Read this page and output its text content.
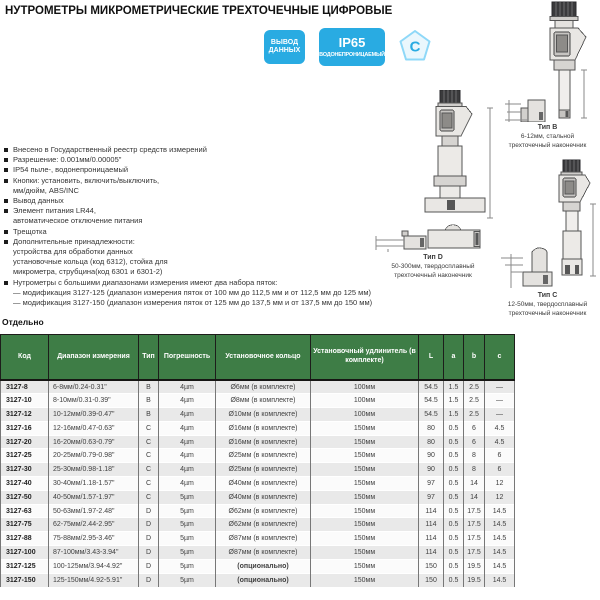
НУТРОМЕТРЫ МИКРОМЕТРИЧЕСКИЕ ТРЕХТОЧЕЧНЫЕ ЦИФРОВЫЕ
ВЫВОД
ДАННЫХ
IP65
ВОДОНЕПРОНИЦАЕМЫЙ С
Внесено в Государственный реестр средств измерений
Разрешение: 0.001мм/0.00005"
IP54 пыле-, водонепроницаемый
Кнопки: установить, включить/выключить,
мм/дюйм, ABS/INC
Вывод данных
Элемент питания LR44,
автоматическое отключение питания
Трещотка
Дополнительные принадлежности:
устройства для обработки данных
установочные кольца (код 6312), стойка для
микрометра, струбцина(код 6301 и 6301-2)
Нутрометры с большими диапазонами измерения имеют два набора пяток:
— модификация 3127-125 (диапазон измерения пяток от 100 мм до 112,5 мм и от 112,5 мм до 125 мм)
— модификация 3127-150 (диапазон измерения пяток от 125 мм до 137,5 мм и от 137,5 мм до 150 мм)
Тип B
6-12мм, стальной
трехточечный наконечник
Тип D
50-300мм, твердосплавный
трехточечный наконечник
Тип C
12-50мм, твердосплавный
трехточечный наконечник
Отдельно
Код	Диапазон измерения	Тип	Погрешность	Установочное кольцо	Установочный удлинитель (в комплекте)	L	a	b	c
3127-8	6-8мм/0.24-0.31"	B	4µm	Ø6мм (в комплекте)	100мм	54.5	1.5	2.5	—
3127-10	8-10мм/0.31-0.39"	B	4µm	Ø8мм (в комплекте)	100мм	54.5	1.5	2.5	—
3127-12	10-12мм/0.39-0.47"	B	4µm	Ø10мм (в комплекте)	100мм	54.5	1.5	2.5	—
3127-16	12-16мм/0.47-0.63"	C	4µm	Ø16мм (в комплекте)	150мм	80	0.5	6	4.5
3127-20	16-20мм/0.63-0.79"	C	4µm	Ø16мм (в комплекте)	150мм	80	0.5	6	4.5
3127-25	20-25мм/0.79-0.98"	C	4µm	Ø25мм (в комплекте)	150мм	90	0.5	8	6
3127-30	25-30мм/0.98-1.18"	C	4µm	Ø25мм (в комплекте)	150мм	90	0.5	8	6
3127-40	30-40мм/1.18-1.57"	C	4µm	Ø40мм (в комплекте)	150мм	97	0.5	14	12
3127-50	40-50мм/1.57-1.97"	C	5µm	Ø40мм (в комплекте)	150мм	97	0.5	14	12
3127-63	50-63мм/1.97-2.48"	D	5µm	Ø62мм (в комплекте)	150мм	114	0.5	17.5	14.5
3127-75	62-75мм/2.44-2.95"	D	5µm	Ø62мм (в комплекте)	150мм	114	0.5	17.5	14.5
3127-88	75-88мм/2.95-3.46"	D	5µm	Ø87мм (в комплекте)	150мм	114	0.5	17.5	14.5
3127-100	87-100мм/3.43-3.94"	D	5µm	Ø87мм (в комплекте)	150мм	114	0.5	17.5	14.5
3127-125	100-125мм/3.94-4.92"	D	5µm	(опционально)	150мм	150	0.5	19.5	14.5
3127-150	125-150мм/4.92-5.91"	D	5µm	(опционально)	150мм	150	0.5	19.5	14.5
